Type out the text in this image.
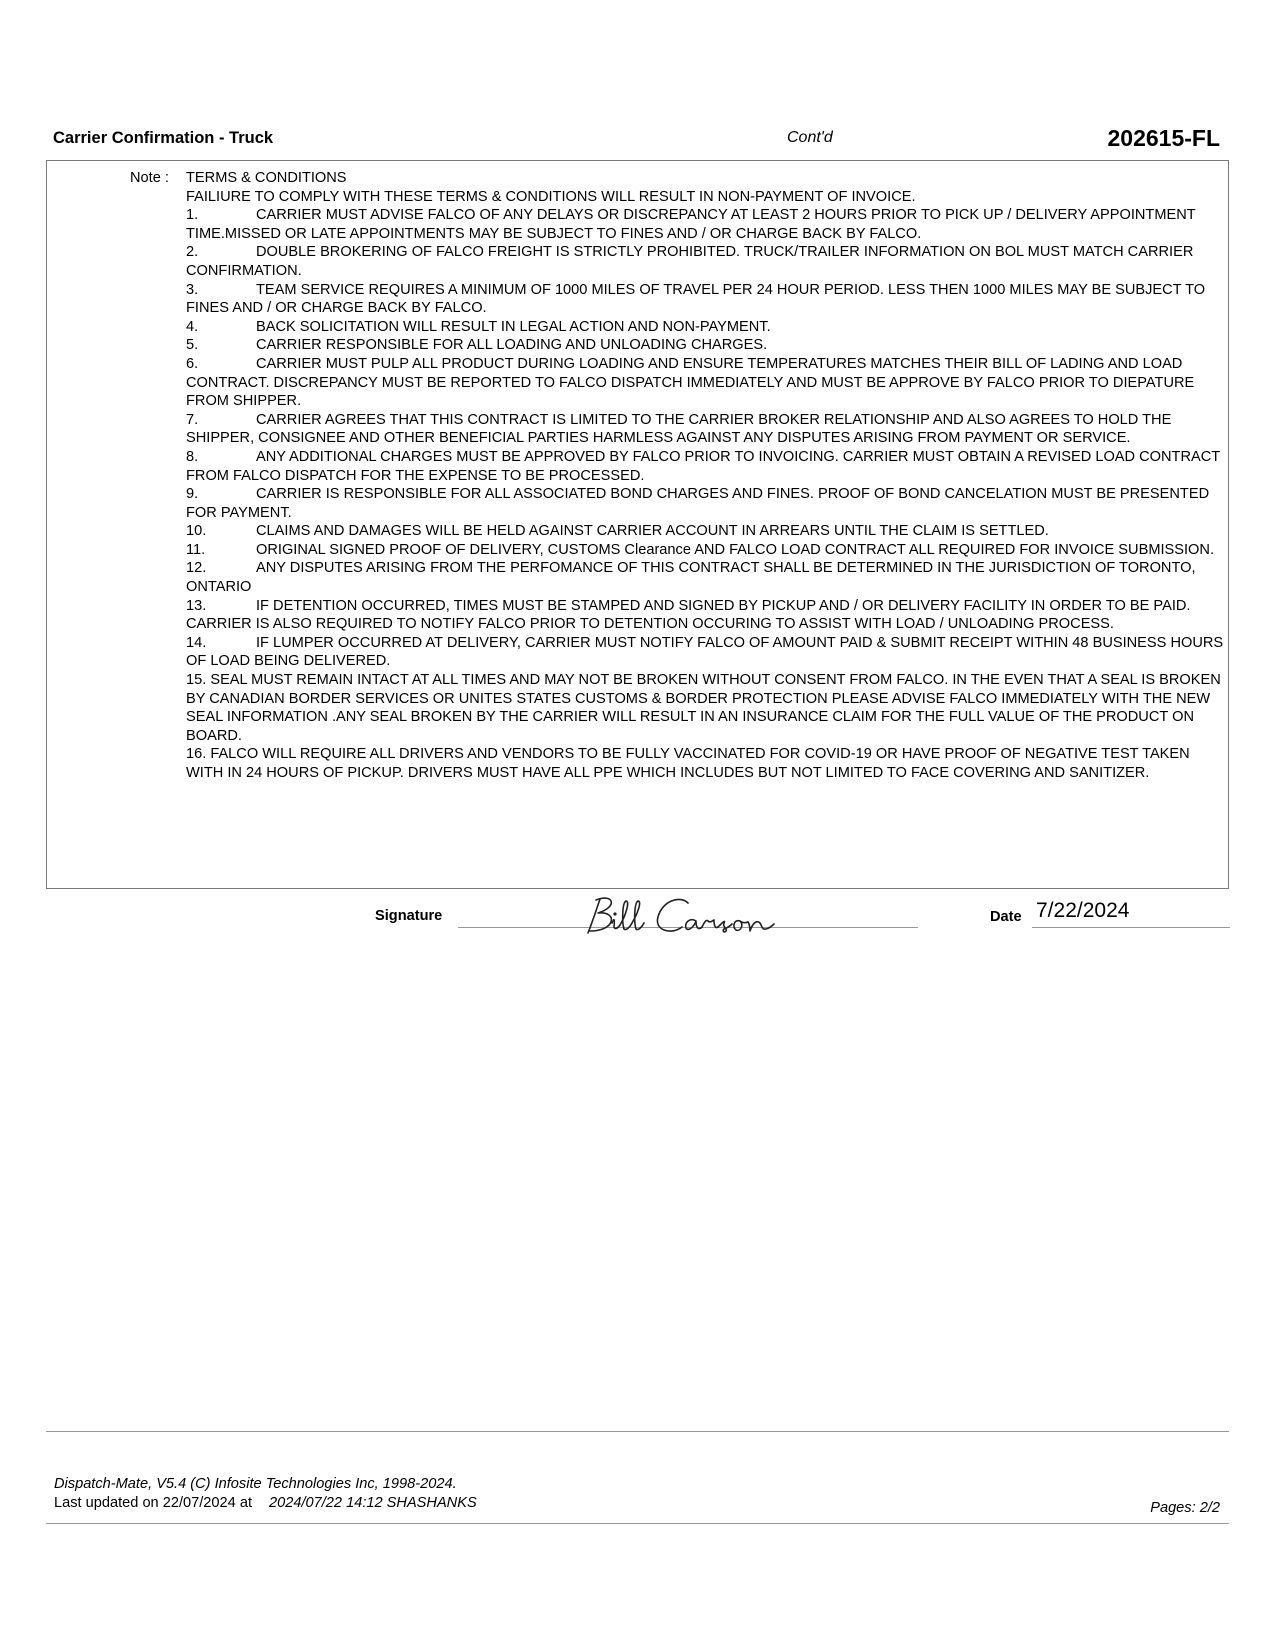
Carrier Confirmation - Truck	Cont'd	202615-FL
Note : TERMS & CONDITIONS
FAILIURE TO COMPLY WITH THESE TERMS & CONDITIONS WILL RESULT IN NON-PAYMENT OF INVOICE.
1.	CARRIER MUST ADVISE FALCO OF ANY DELAYS OR DISCREPANCY AT LEAST 2 HOURS PRIOR TO PICK UP / DELIVERY APPOINTMENT TIME.MISSED OR LATE APPOINTMENTS MAY BE SUBJECT TO FINES AND / OR CHARGE BACK BY FALCO.
2.	DOUBLE BROKERING OF FALCO FREIGHT IS STRICTLY PROHIBITED. TRUCK/TRAILER INFORMATION ON BOL MUST MATCH CARRIER CONFIRMATION.
3.	TEAM SERVICE REQUIRES A MINIMUM OF 1000 MILES OF TRAVEL PER 24 HOUR PERIOD. LESS THEN 1000 MILES MAY BE SUBJECT TO FINES AND / OR CHARGE BACK BY FALCO.
4.	BACK SOLICITATION WILL RESULT IN LEGAL ACTION AND NON-PAYMENT.
5.	CARRIER RESPONSIBLE FOR ALL LOADING AND UNLOADING CHARGES.
6.	CARRIER MUST PULP ALL PRODUCT DURING LOADING AND ENSURE TEMPERATURES MATCHES THEIR BILL OF LADING AND LOAD CONTRACT. DISCREPANCY MUST BE REPORTED TO FALCO DISPATCH IMMEDIATELY AND MUST BE APPROVE BY FALCO PRIOR TO DIEPATURE FROM SHIPPER.
7.	CARRIER AGREES THAT THIS CONTRACT IS LIMITED TO THE CARRIER BROKER RELATIONSHIP AND ALSO AGREES TO HOLD THE SHIPPER, CONSIGNEE AND OTHER BENEFICIAL PARTIES HARMLESS AGAINST ANY DISPUTES ARISING FROM PAYMENT OR SERVICE.
8.	ANY ADDITIONAL CHARGES MUST BE APPROVED BY FALCO PRIOR TO INVOICING. CARRIER MUST OBTAIN A REVISED LOAD CONTRACT FROM FALCO DISPATCH FOR THE EXPENSE TO BE PROCESSED.
9.	CARRIER IS RESPONSIBLE FOR ALL ASSOCIATED BOND CHARGES AND FINES. PROOF OF BOND CANCELATION MUST BE PRESENTED FOR PAYMENT.
10.	CLAIMS AND DAMAGES WILL BE HELD AGAINST CARRIER ACCOUNT IN ARREARS UNTIL THE CLAIM IS SETTLED.
11.	ORIGINAL SIGNED PROOF OF DELIVERY, CUSTOMS Clearance AND FALCO LOAD CONTRACT ALL REQUIRED FOR INVOICE SUBMISSION.
12.	ANY DISPUTES ARISING FROM THE PERFOMANCE OF THIS CONTRACT SHALL BE DETERMINED IN THE JURISDICTION OF TORONTO, ONTARIO
13.	IF DETENTION OCCURRED, TIMES MUST BE STAMPED AND SIGNED BY PICKUP AND / OR DELIVERY FACILITY IN ORDER TO BE PAID. CARRIER IS ALSO REQUIRED TO NOTIFY FALCO PRIOR TO DETENTION OCCURING TO ASSIST WITH LOAD / UNLOADING PROCESS.
14.	IF LUMPER OCCURRED AT DELIVERY, CARRIER MUST NOTIFY FALCO OF AMOUNT PAID & SUBMIT RECEIPT WITHIN 48 BUSINESS HOURS OF LOAD BEING DELIVERED.
15. SEAL MUST REMAIN INTACT AT ALL TIMES AND MAY NOT BE BROKEN WITHOUT CONSENT FROM FALCO. IN THE EVEN THAT A SEAL IS BROKEN BY CANADIAN BORDER SERVICES OR UNITES STATES CUSTOMS & BORDER PROTECTION PLEASE ADVISE FALCO IMMEDIATELY WITH THE NEW SEAL INFORMATION .ANY SEAL BROKEN BY THE CARRIER WILL RESULT IN AN INSURANCE CLAIM FOR THE FULL VALUE OF THE PRODUCT ON BOARD.
16. FALCO WILL REQUIRE ALL DRIVERS AND VENDORS TO BE FULLY VACCINATED FOR COVID-19 OR HAVE PROOF OF NEGATIVE TEST TAKEN WITH IN 24 HOURS OF PICKUP. DRIVERS MUST HAVE ALL PPE WHICH INCLUDES BUT NOT LIMITED TO FACE COVERING AND SANITIZER.
Signature	Date 7/22/2024
Dispatch-Mate, V5.4 (C) Infosite Technologies Inc, 1998-2024.
Last updated on 22/07/2024 at 2024/07/22 14:12 SHASHANKS	Pages: 2/2
